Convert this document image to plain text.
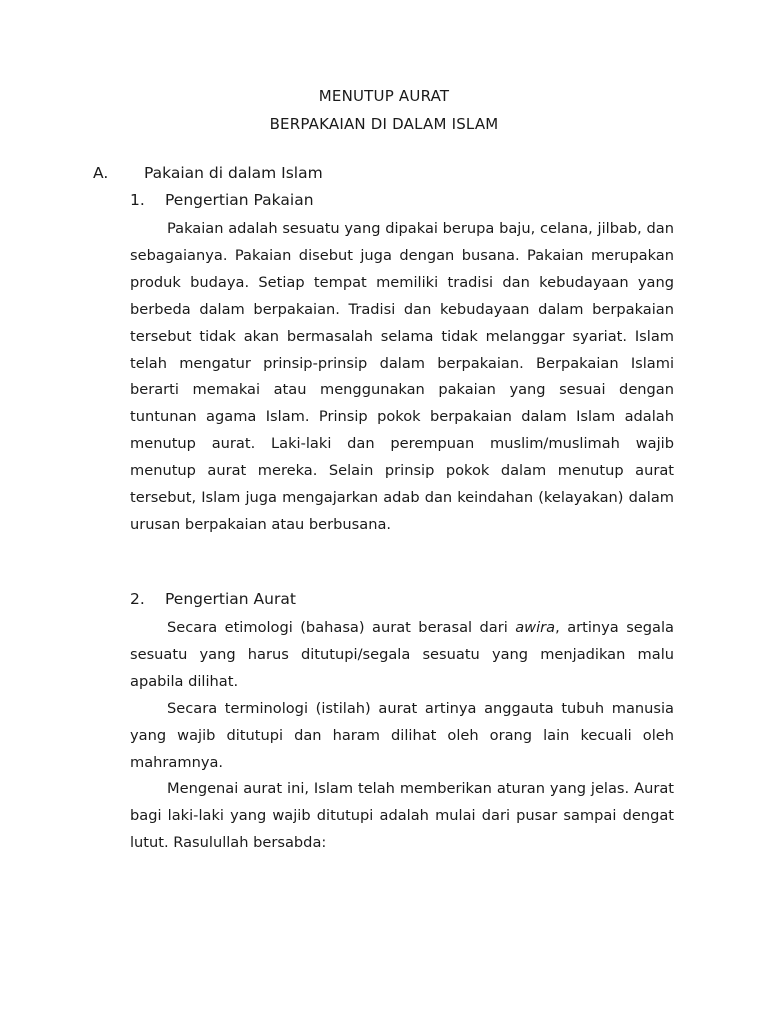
MENUTUP AURAT
BERPAKAIAN DI DALAM ISLAM
A. Pakaian di dalam Islam
1. Pengertian Pakaian

Pakaian adalah sesuatu yang dipakai berupa baju, celana, jilbab, dan sebagaianya. Pakaian disebut juga dengan busana. Pakaian merupakan produk budaya. Setiap tempat memiliki tradisi dan kebudayaan yang berbeda dalam berpakaian. Tradisi dan kebudayaan dalam berpakaian tersebut tidak akan bermasalah selama tidak melanggar syariat. Islam telah mengatur prinsip-prinsip dalam berpakaian. Berpakaian Islami berarti memakai atau menggunakan pakaian yang sesuai dengan tuntunan agama Islam. Prinsip pokok berpakaian dalam Islam adalah menutup aurat. Laki-laki dan perempuan muslim/muslimah wajib menutup aurat mereka. Selain prinsip pokok dalam menutup aurat tersebut, Islam juga mengajarkan adab dan keindahan (kelayakan) dalam urusan berpakaian atau berbusana.

2. Pengertian Aurat

Secara etimologi (bahasa) aurat berasal dari awira, artinya segala sesuatu yang harus ditutupi/segala sesuatu yang menjadikan malu apabila dilihat.

Secara terminologi (istilah) aurat artinya anggauta tubuh manusia yang wajib ditutupi dan haram dilihat oleh orang lain kecuali oleh mahramnya.

Mengenai aurat ini, Islam telah memberikan aturan yang jelas. Aurat bagi laki-laki yang wajib ditutupi adalah mulai dari pusar sampai dengat lutut. Rasulullah bersabda:
